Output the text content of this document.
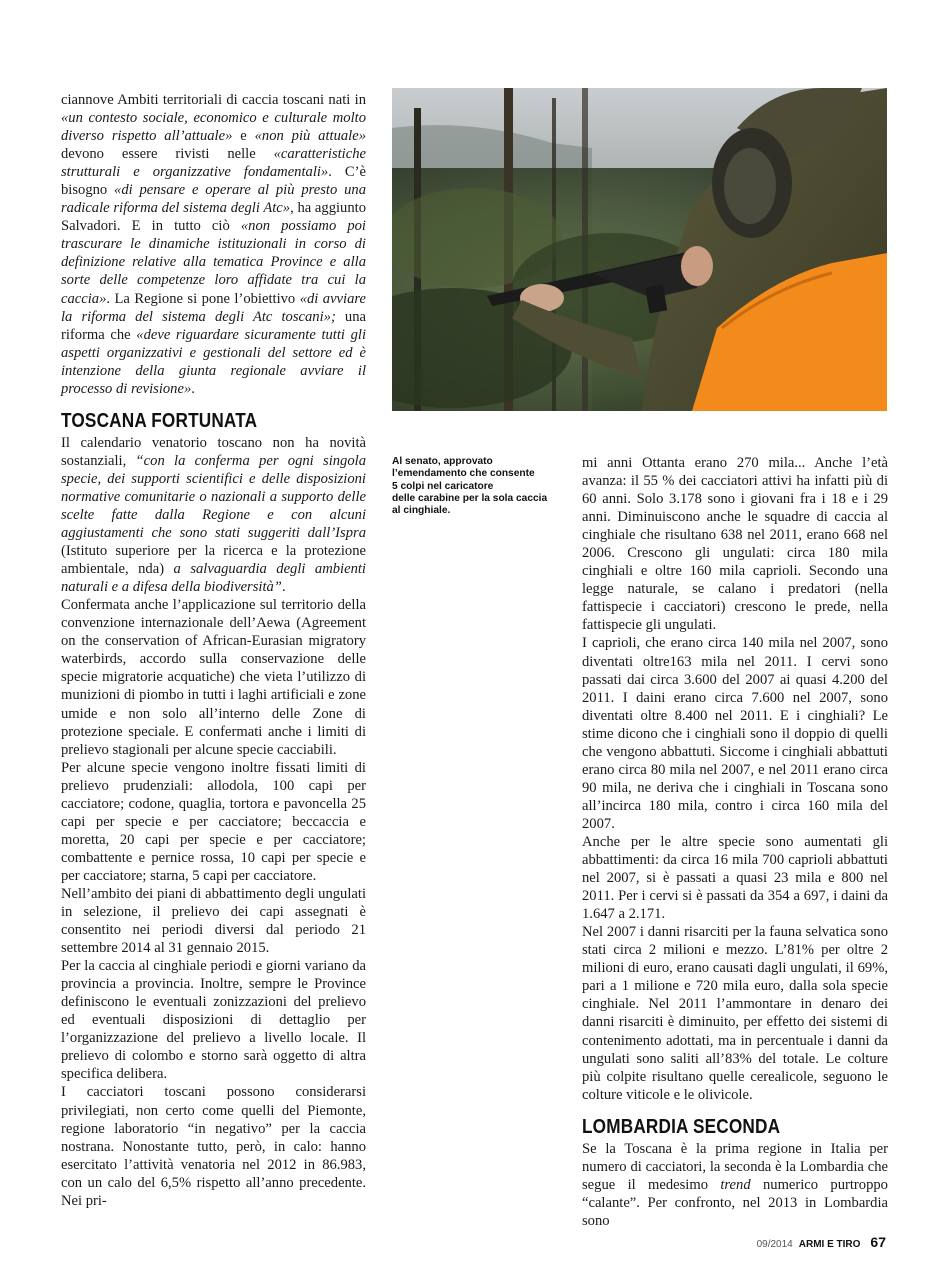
ciannove Ambiti territoriali di caccia toscani nati in «un contesto sociale, economico e culturale molto diverso rispetto all’attuale» e «non più attuale» devono essere rivisti nelle «caratteristiche strutturali e organizzative fondamentali». C’è bisogno «di pensare e operare al più presto una radicale riforma del sistema degli Atc», ha aggiunto Salvadori. E in tutto ciò «non possiamo poi trascurare le dinamiche istituzionali in corso di definizione relative alla tematica Province e alla sorte delle competenze loro affidate tra cui la caccia». La Regione si pone l’obiettivo «di avviare la riforma del sistema degli Atc toscani»; una riforma che «deve riguardare sicuramente tutti gli aspetti organizzativi e gestionali del settore ed è intenzione della giunta regionale avviare il processo di revisione».

TOSCANA FORTUNATA

Il calendario venatorio toscano non ha novità sostanziali, “con la conferma per ogni singola specie, dei supporti scientifici e delle disposizioni normative comunitarie o nazionali a supporto delle scelte fatte dalla Regione e con alcuni aggiustamenti che sono stati suggeriti dall’Ispra (Istituto superiore per la ricerca e la protezione ambientale, nda) a salvaguardia degli ambienti naturali e a difesa della biodiversità”.

Confermata anche l’applicazione sul territorio della convenzione internazionale dell’Aewa (Agreement on the conservation of African-Eurasian migratory waterbirds, accordo sulla conservazione delle specie migratorie acquatiche) che vieta l’utilizzo di munizioni di piombo in tutti i laghi artificiali e zone umide e non solo all’interno delle Zone di protezione speciale. E confermati anche i limiti di prelievo stagionali per alcune specie cacciabili.

Per alcune specie vengono inoltre fissati limiti di prelievo prudenziali: allodola, 100 capi per cacciatore; codone, quaglia, tortora e pavoncella 25 capi per specie e per cacciatore; beccaccia e moretta, 20 capi per specie e per cacciatore; combattente e pernice rossa, 10 capi per specie e per cacciatore; starna, 5 capi per cacciatore.

Nell’ambito dei piani di abbattimento degli ungulati in selezione, il prelievo dei capi assegnati è consentito nei periodi diversi dal periodo 21 settembre 2014 al 31 gennaio 2015.

Per la caccia al cinghiale periodi e giorni variano da provincia a provincia. Inoltre, sempre le Province definiscono le eventuali zonizzazioni del prelievo ed eventuali disposizioni di dettaglio per l’organizzazione del prelievo a livello locale. Il prelievo di colombo e storno sarà oggetto di altra specifica delibera.

I cacciatori toscani possono considerarsi privilegiati, non certo come quelli del Piemonte, regione laboratorio “in negativo” per la caccia nostrana. Nonostante tutto, però, in calo: hanno esercitato l’attività venatoria nel 2012 in 86.983, con un calo del 6,5% rispetto all’anno precedente. Nei pri-

Al senato, approvato
l’emendamento che consente
5 colpi nel caricatore
delle carabine per la sola caccia
al cinghiale.

mi anni Ottanta erano 270 mila... Anche l’età avanza: il 55 % dei cacciatori attivi ha infatti più di 60 anni. Solo 3.178 sono i giovani fra i 18 e i 29 anni. Diminuiscono anche le squadre di caccia al cinghiale che risultano 638 nel 2011, erano 668 nel 2006. Crescono gli ungulati: circa 180 mila cinghiali e oltre 160 mila caprioli. Secondo una legge naturale, se calano i predatori (nella fattispecie i cacciatori) crescono le prede, nella fattispecie gli ungulati.

I caprioli, che erano circa 140 mila nel 2007, sono diventati oltre163 mila nel 2011. I cervi sono passati dai circa 3.600 del 2007 ai quasi 4.200 del 2011. I daini erano circa 7.600 nel 2007, sono diventati oltre 8.400 nel 2011. E i cinghiali? Le stime dicono che i cinghiali sono il doppio di quelli che vengono abbattuti. Siccome i cinghiali abbattuti erano circa 80 mila nel 2007, e nel 2011 erano circa 90 mila, ne deriva che i cinghiali in Toscana sono all’incirca 180 mila, contro i circa 160 mila del 2007.

Anche per le altre specie sono aumentati gli abbattimenti: da circa 16 mila 700 caprioli abbattuti nel 2007, si è passati a quasi 23 mila e 800 nel 2011. Per i cervi si è passati da 354 a 697, i daini da 1.647 a 2.171.

Nel 2007 i danni risarciti per la fauna selvatica sono stati circa 2 milioni e mezzo. L’81% per oltre 2 milioni di euro, erano causati dagli ungulati, il 69%, pari a 1 milione e 720 mila euro, dalla sola specie cinghiale. Nel 2011 l’ammontare in denaro dei danni risarciti è diminuito, per effetto dei sistemi di contenimento adottati, ma in percentuale i danni da ungulati sono saliti all’83% del totale. Le colture più colpite risultano quelle cerealicole, seguono le colture viticole e le olivicole.

LOMBARDIA SECONDA

Se la Toscana è la prima regione in Italia per numero di cacciatori, la seconda è la Lombardia che segue il medesimo trend numerico purtroppo “calante”. Per confronto, nel 2013 in Lombardia sono

09/2014 ARMI E TIRO 67
